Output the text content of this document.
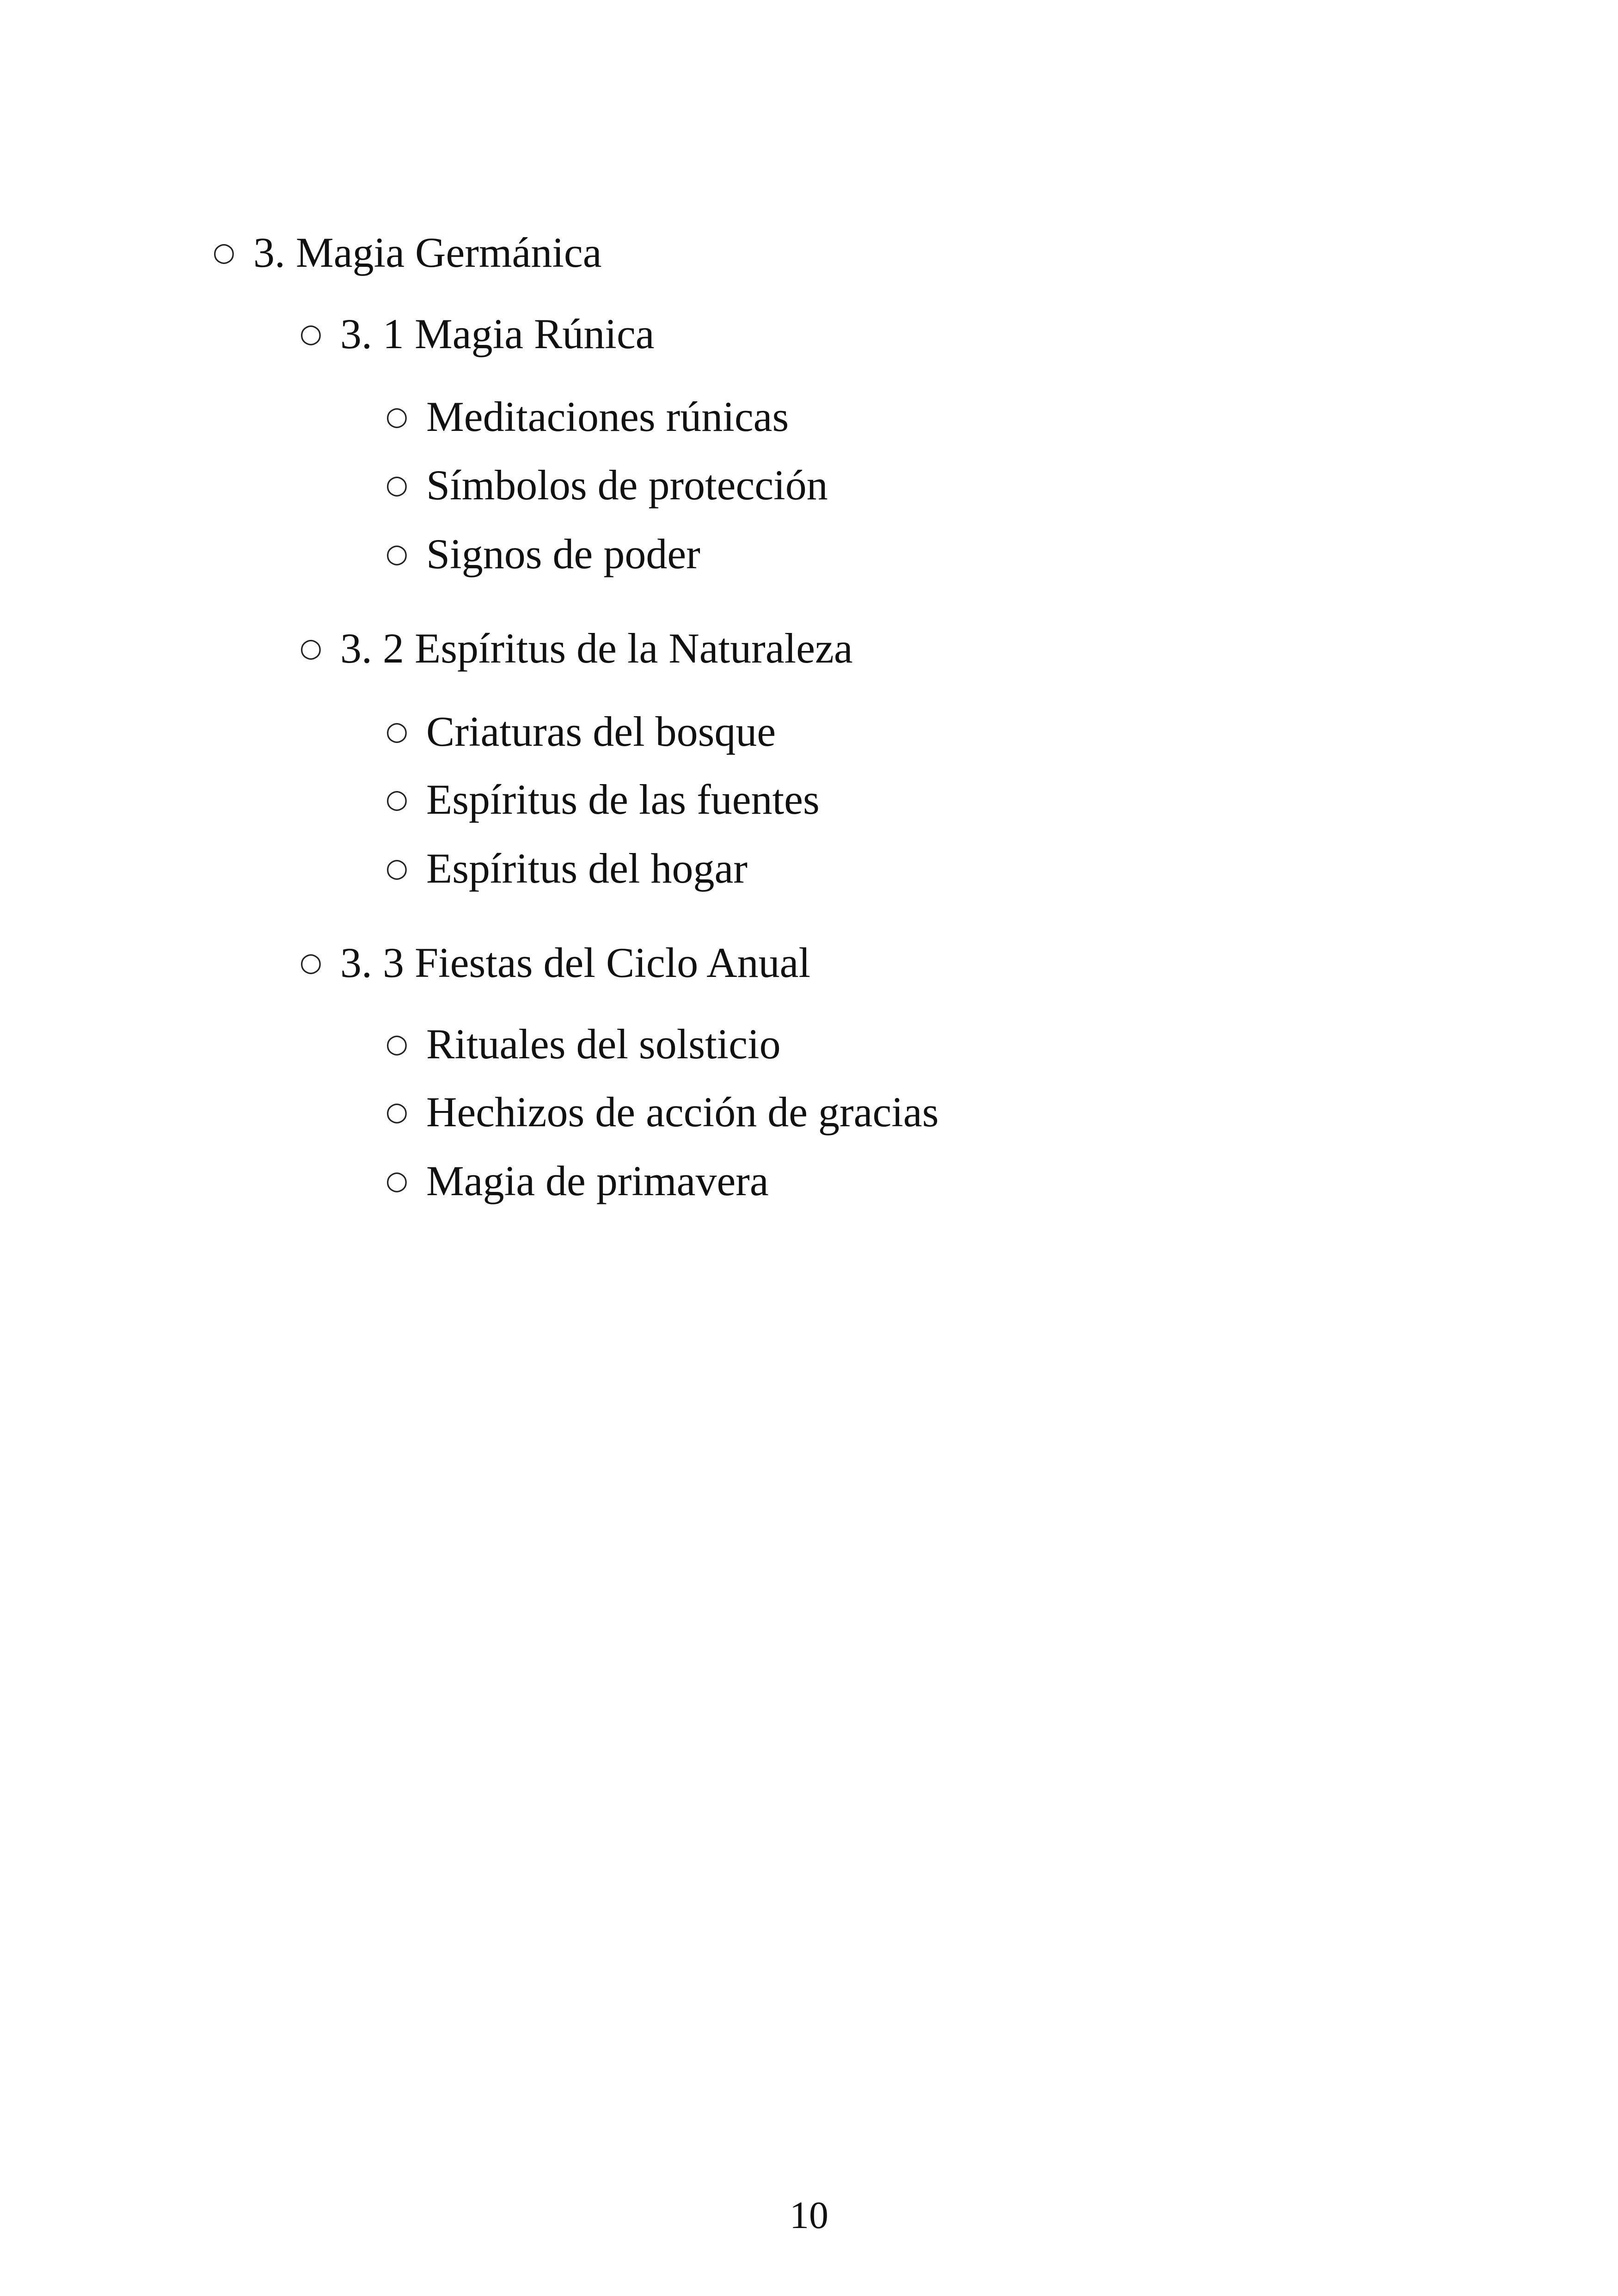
○ 3. Magia Germánica
○ 3. 1 Magia Rúnica
○ Meditaciones rúnicas
○ Símbolos de protección
○ Signos de poder
○ 3. 2 Espíritus de la Naturaleza
○ Criaturas del bosque
○ Espíritus de las fuentes
○ Espíritus del hogar
○ 3. 3 Fiestas del Ciclo Anual
○ Rituales del solsticio
○ Hechizos de acción de gracias
○ Magia de primavera
10
